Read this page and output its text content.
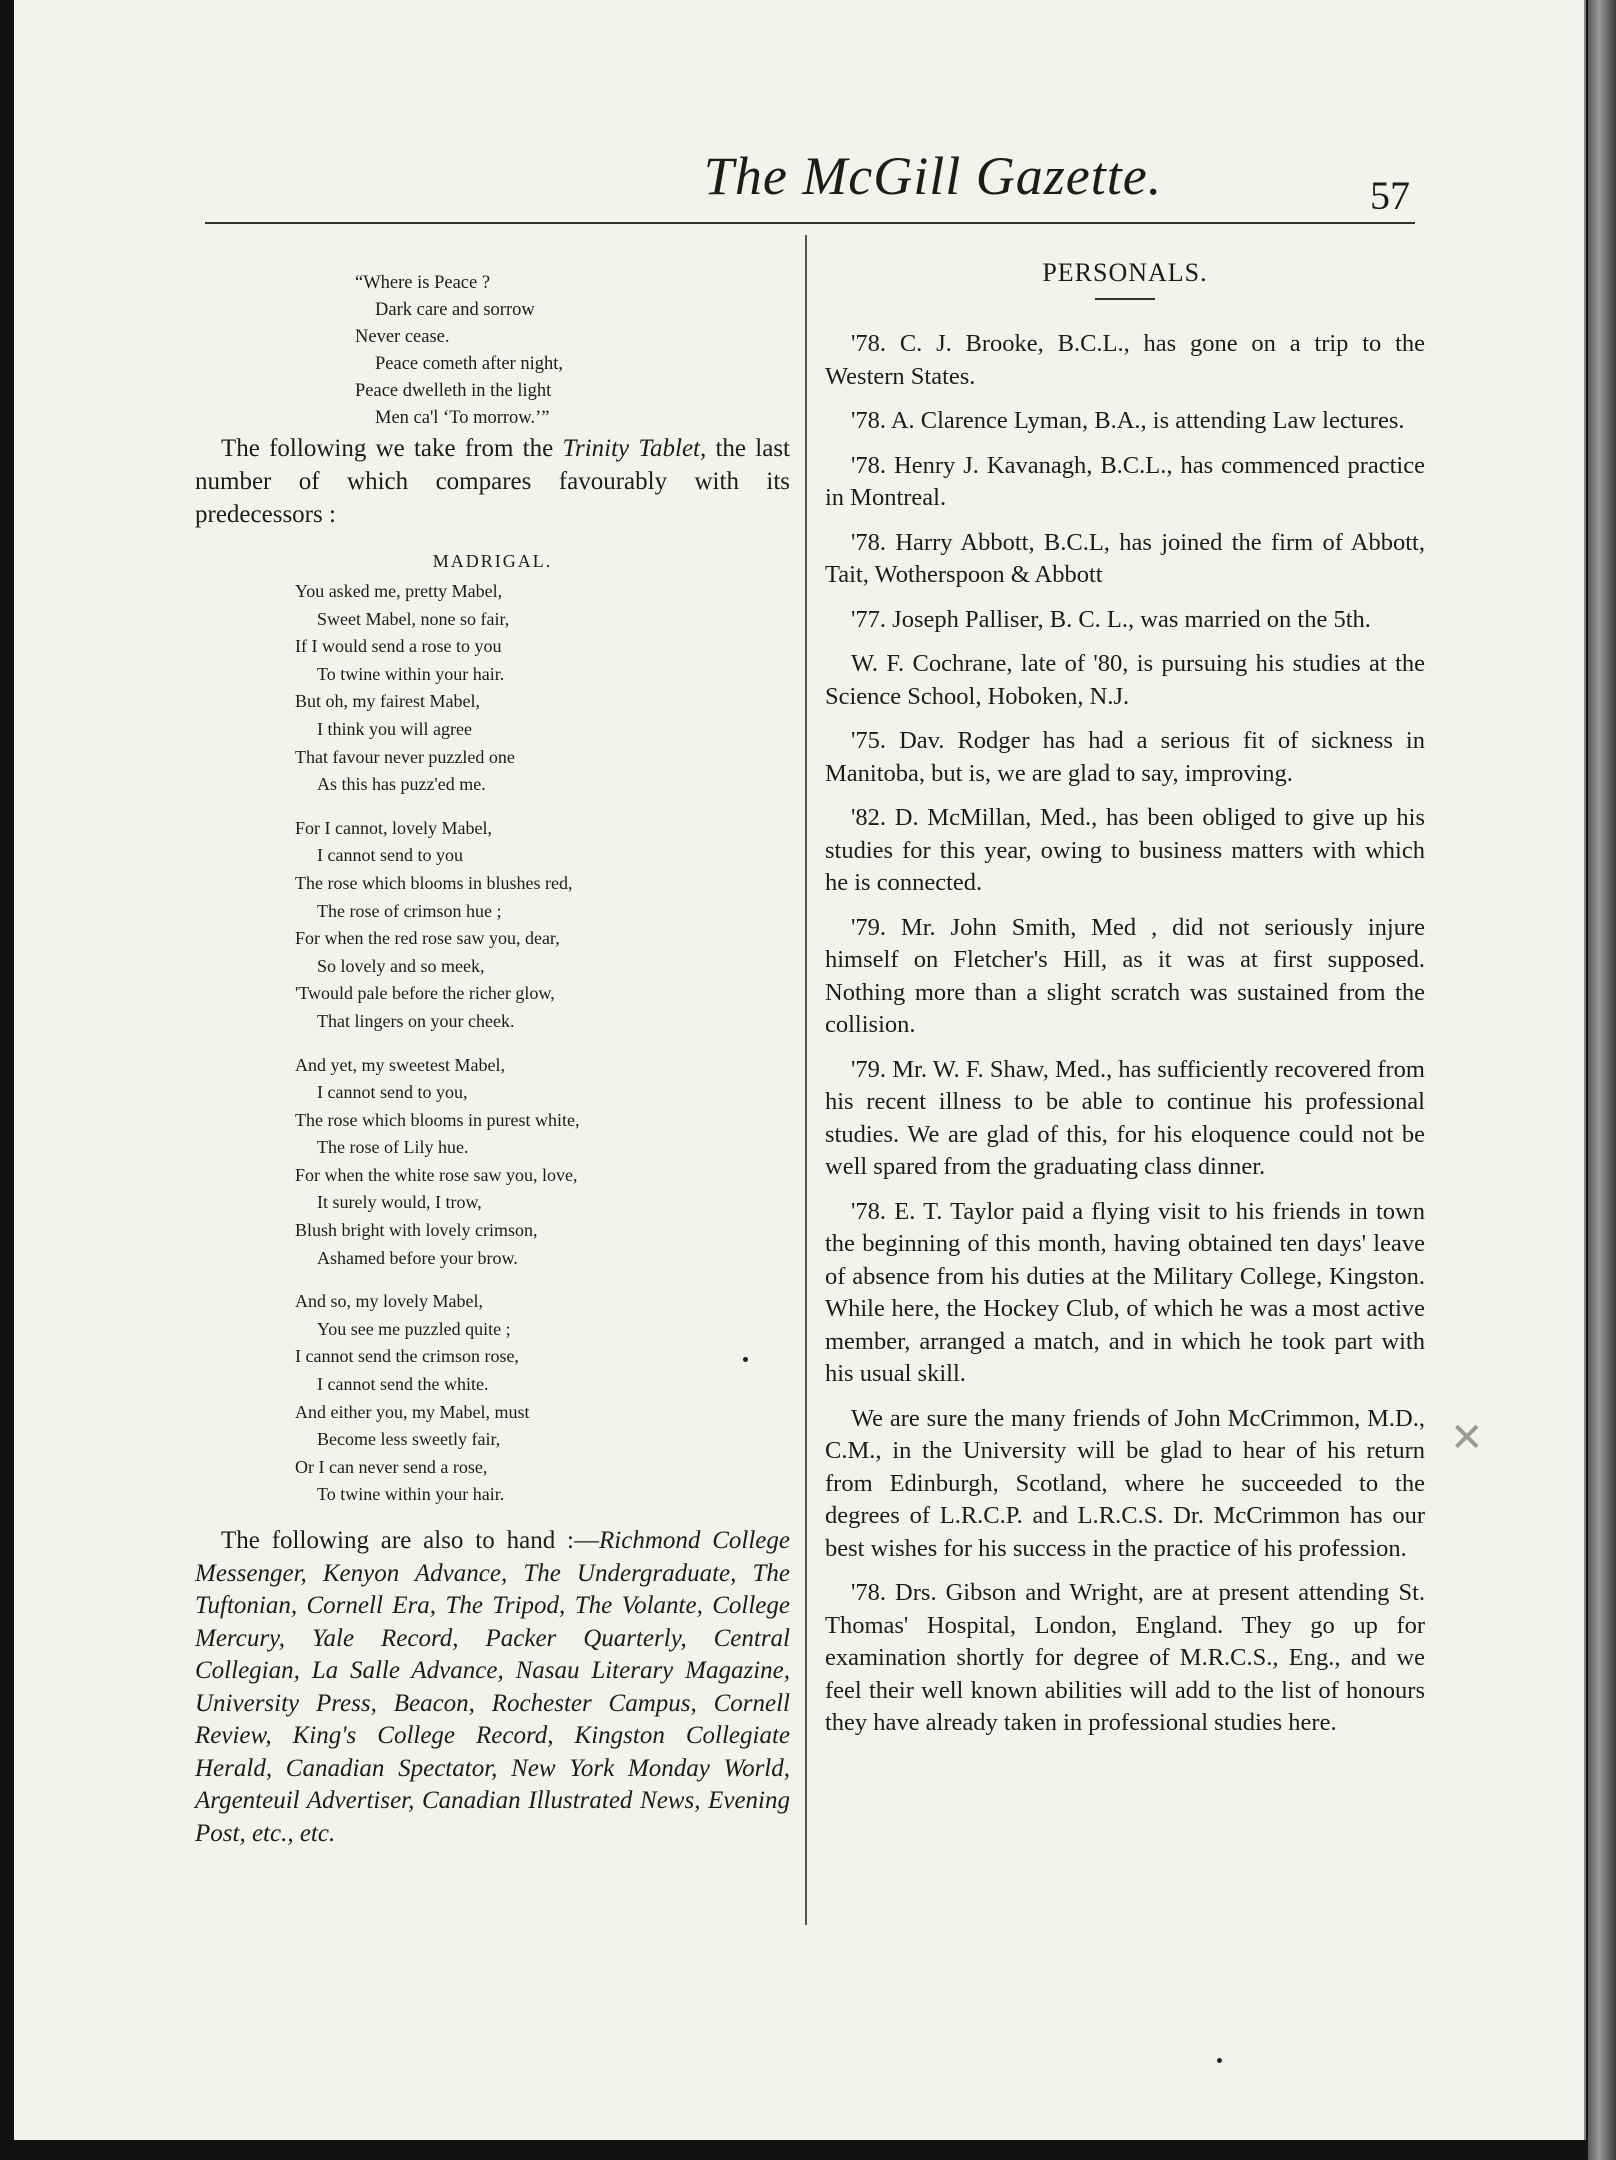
The McGill Gazette.	57
“Where is Peace ?
Dark care and sorrow
Never cease.
Peace cometh after night,
Peace dwelleth in the light
Men ca'l ‘To morrow.’”

The following we take from the Trinity Tablet, the last number of which compares favourably with its predecessors :

MADRIGAL.
You asked me, pretty Mabel,
Sweet Mabel, none so fair,
If I would send a rose to you
To twine within your hair.
But oh, my fairest Mabel,
I think you will agree
That favour never puzzled one
As this has puzz'ed me.
For I cannot, lovely Mabel,
I cannot send to you
The rose which blooms in blushes red,
The rose of crimson hue ;
For when the red rose saw you, dear,
So lovely and so meek,
'Twould pale before the richer glow,
That lingers on your cheek.
And yet, my sweetest Mabel,
I cannot send to you,
The rose which blooms in purest white,
The rose of Lily hue.
For when the white rose saw you, love,
It surely would, I trow,
Blush bright with lovely crimson,
Ashamed before your brow.
And so, my lovely Mabel,
You see me puzzled quite ;
I cannot send the crimson rose,
I cannot send the white.
And either you, my Mabel, must
Become less sweetly fair,
Or I can never send a rose,
To twine within your hair.

The following are also to hand :—Richmond College Messenger, Kenyon Advance, The Undergraduate, The Tuftonian, Cornell Era, The Tripod, The Volante, College Mercury, Yale Record, Packer Quarterly, Central Collegian, La Salle Advance, Nasau Literary Magazine, University Press, Beacon, Rochester Campus, Cornell Review, King's College Record, Kingston Collegiate Herald, Canadian Spectator, New York Monday World, Argenteuil Advertiser, Canadian Illustrated News, Evening Post, etc., etc.

PERSONALS.

'78. C. J. Brooke, B.C.L., has gone on a trip to the Western States.

'78. A. Clarence Lyman, B.A., is attending Law lectures.

'78. Henry J. Kavanagh, B.C.L., has commenced practice in Montreal.

'78. Harry Abbott, B.C.L, has joined the firm of Abbott, Tait, Wotherspoon & Abbott

'77. Joseph Palliser, B. C. L., was married on the 5th.

W. F. Cochrane, late of '80, is pursuing his studies at the Science School, Hoboken, N.J.

'75. Dav. Rodger has had a serious fit of sickness in Manitoba, but is, we are glad to say, improving.

'82. D. McMillan, Med., has been obliged to give up his studies for this year, owing to business matters with which he is connected.

'79. Mr. John Smith, Med , did not seriously injure himself on Fletcher's Hill, as it was at first supposed. Nothing more than a slight scratch was sustained from the collision.

'79. Mr. W. F. Shaw, Med., has sufficiently recovered from his recent illness to be able to continue his professional studies. We are glad of this, for his eloquence could not be well spared from the graduating class dinner.

'78. E. T. Taylor paid a flying visit to his friends in town the beginning of this month, having obtained ten days' leave of absence from his duties at the Military College, Kingston. While here, the Hockey Club, of which he was a most active member, arranged a match, and in which he took part with his usual skill.

We are sure the many friends of John McCrimmon, M.D., C.M., in the University will be glad to hear of his return from Edinburgh, Scotland, where he succeeded to the degrees of L.R.C.P. and L.R.C.S. Dr. McCrimmon has our best wishes for his success in the practice of his profession.

'78. Drs. Gibson and Wright, are at present attending St. Thomas' Hospital, London, England. They go up for examination shortly for degree of M.R.C.S., Eng., and we feel their well known abilities will add to the list of honours they have already taken in professional studies here.

✕
